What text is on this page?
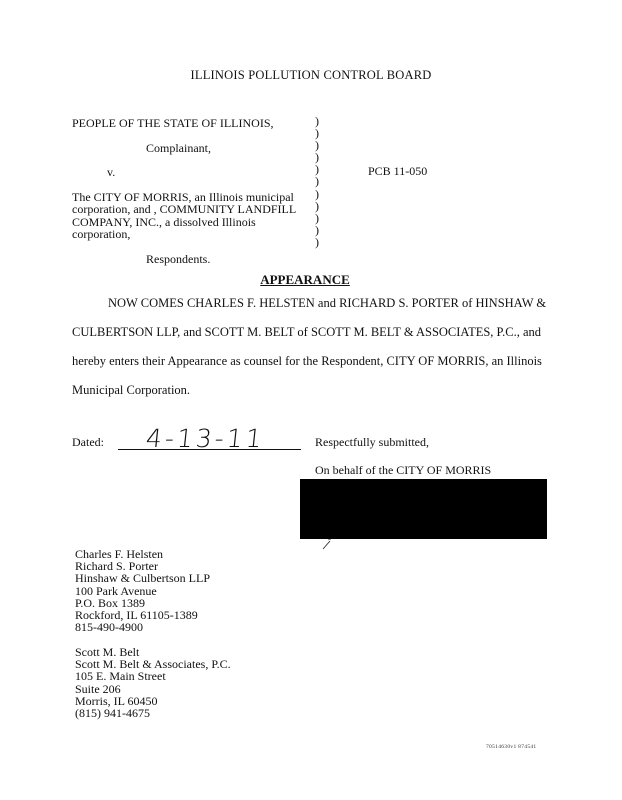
ILLINOIS POLLUTION CONTROL BOARD
PEOPLE OF THE STATE OF ILLINOIS,
Complainant,
v.
The CITY OF MORRIS, an Illinois municipal
corporation, and , COMMUNITY LANDFILL
COMPANY, INC., a dissolved Illinois
corporation,
Respondents.
)
)
)
)
)
)
)
)
)
)
)
PCB 11-050
APPEARANCE
NOW COMES CHARLES F. HELSTEN and RICHARD S. PORTER of HINSHAW &
CULBERTSON LLP, and SCOTT M. BELT of SCOTT M. BELT & ASSOCIATES, P.C., and
hereby enters their Appearance as counsel for the Respondent, CITY OF MORRIS, an Illinois
Municipal Corporation.
Dated: 4-13-11	Respectfully submitted,
On behalf of the CITY OF MORRIS
Charles F. Helsten
Richard S. Porter
Hinshaw & Culbertson LLP
100 Park Avenue
P.O. Box 1389
Rockford, IL 61105-1389
815-490-4900
Scott M. Belt
Scott M. Belt & Associates, P.C.
105 E. Main Street
Suite 206
Morris, IL 60450
(815) 941-4675
70514630v1 874541
